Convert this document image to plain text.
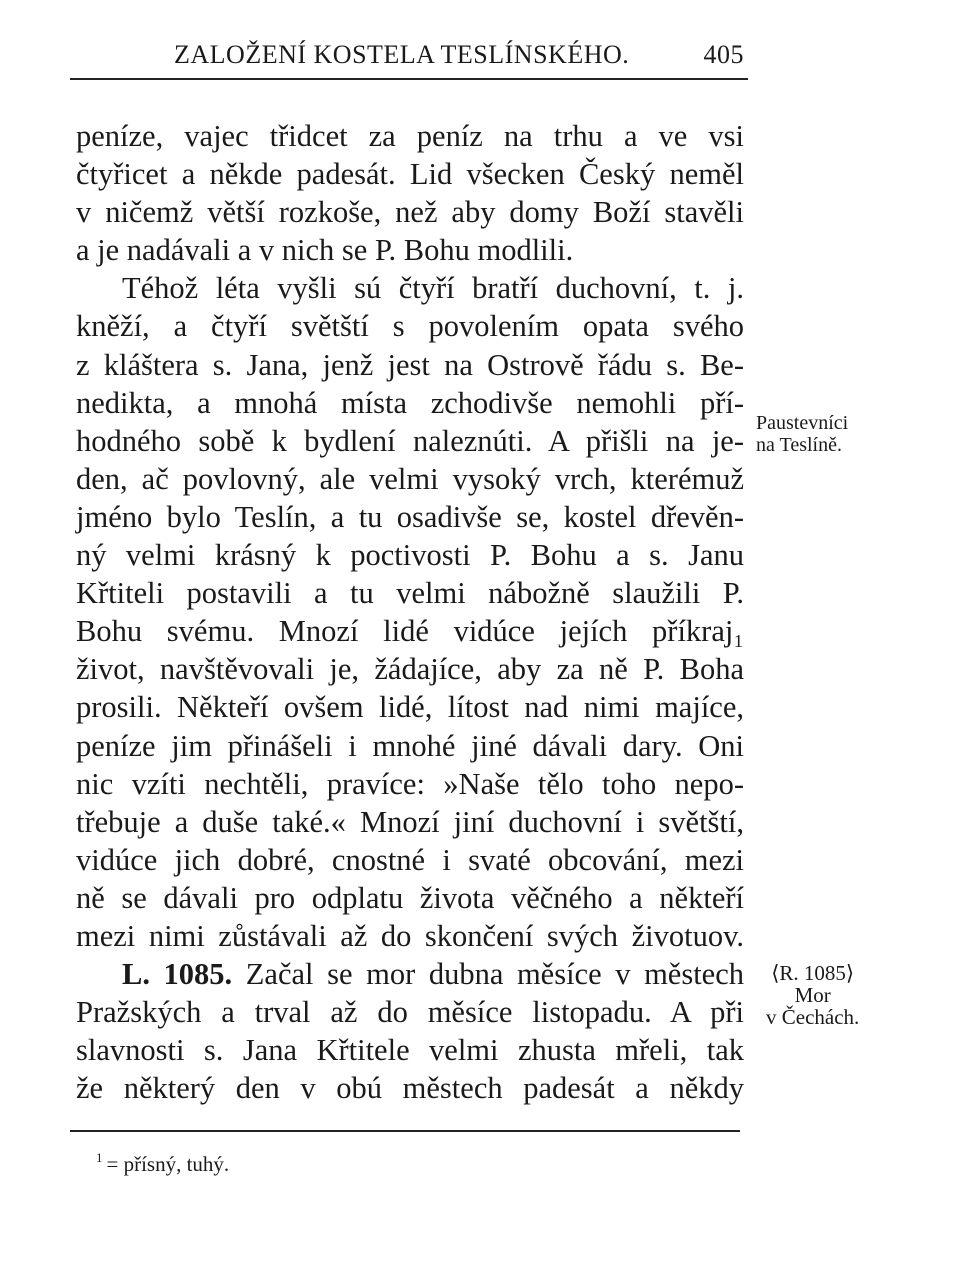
ZALOŽENÍ KOSTELA TESLÍNSKÉHO.	405
peníze, vajec třidcet za peníz na trhu a ve vsi
čtyřicet a někde padesát. Lid všecken Český neměl
v ničemž větší rozkoše, než aby domy Boží stavěli
a je nadávali a v nich se P. Bohu modlili.
Téhož léta vyšli sú čtyří bratří duchovní, t. j.
kněží, a čtyří světští s povolením opata svého
z kláštera s. Jana, jenž jest na Ostrově řádu s. Be-
nedikta, a mnohá místa zchodivše nemohli pří-
hodného sobě k bydlení naleznúti. A přišli na je-
den, ač povlovný, ale velmi vysoký vrch, kterémuž
jméno bylo Teslín, a tu osadivše se, kostel dřevěn-
ný velmi krásný k poctivosti P. Bohu a s. Janu
Křtiteli postavili a tu velmi nábožně slaužili P.
Bohu svému. Mnozí lidé vidúce jejích příkraj₁
život, navštěvovali je, žádajíce, aby za ně P. Boha
prosili. Někteří ovšem lidé, lítost nad nimi majíce,
peníze jim přinášeli i mnohé jiné dávali dary. Oni
nic vzíti nechtěli, pravíce: »Naše tělo toho nepo-
třebuje a duše také.« Mnozí jiní duchovní i světští,
vidúce jich dobré, cnostné i svaté obcování, mezi
ně se dávali pro odplatu života věčného a někteří
mezi nimi zůstávali až do skončení svých životuov.
L. 1085. Začal se mor dubna měsíce v městech
Pražských a trval až do měsíce listopadu. A při
slavnosti s. Jana Křtitele velmi zhusta mřeli, tak
že některý den v obú městech padesát a někdy
Paustevníci
na Teslíně.
⟨R. 1085⟩
Mor
v Čechách.
$^1$ = přísný, tuhý.
